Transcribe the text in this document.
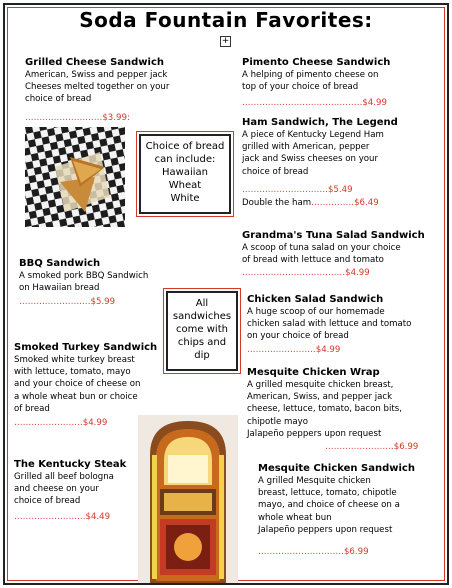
Soda Fountain Favorites:
+
Grilled Cheese Sandwich
American, Swiss and pepper jack
Cheeses melted together on your
choice of bread
………………………$3.99:
Choice of bread
can include:
Hawaiian
Wheat
White
BBQ Sandwich
A smoked pork BBQ Sandwich
on Hawaiian bread
…………………….$5.99	All
sandwiches
come with
chips and
dip
Smoked Turkey Sandwich
Smoked white turkey breast
with lettuce, tomato, mayo
and your choice of cheese on
a whole wheat bun or choice
of bread
……………………$4.99
The Kentucky Steak
Grilled all beef bologna
and cheese on your
choice of bread
…………………….$4.49
Pimento Cheese Sandwich
A helping of pimento cheese on
top of your choice of bread
……………………………………$4.99
Ham Sandwich, The Legend
A piece of Kentucky Legend Ham
grilled with American, pepper
jack and Swiss cheeses on your
choice of bread
…………………………$5.49
Double the ham……………$6.49
Grandma's Tuna Salad Sandwich
A scoop of tuna salad on your choice
of bread with lettuce and tomato
………………………………$4.99
Chicken Salad Sandwich
A huge scoop of our homemade
chicken salad with lettuce and tomato
on your choice of bread
……………………$4.99
Mesquite Chicken Wrap
A grilled mesquite chicken breast,
American, Swiss, and pepper jack
cheese, lettuce, tomato, bacon bits,
chipotle mayo
Jalapeño peppers upon request
……………………$6.99
Mesquite Chicken Sandwich
A grilled Mesquite chicken
breast, lettuce, tomato, chipotle
mayo, and choice of cheese on a
whole wheat bun
Jalapeño peppers upon request
…………………………$6.99
